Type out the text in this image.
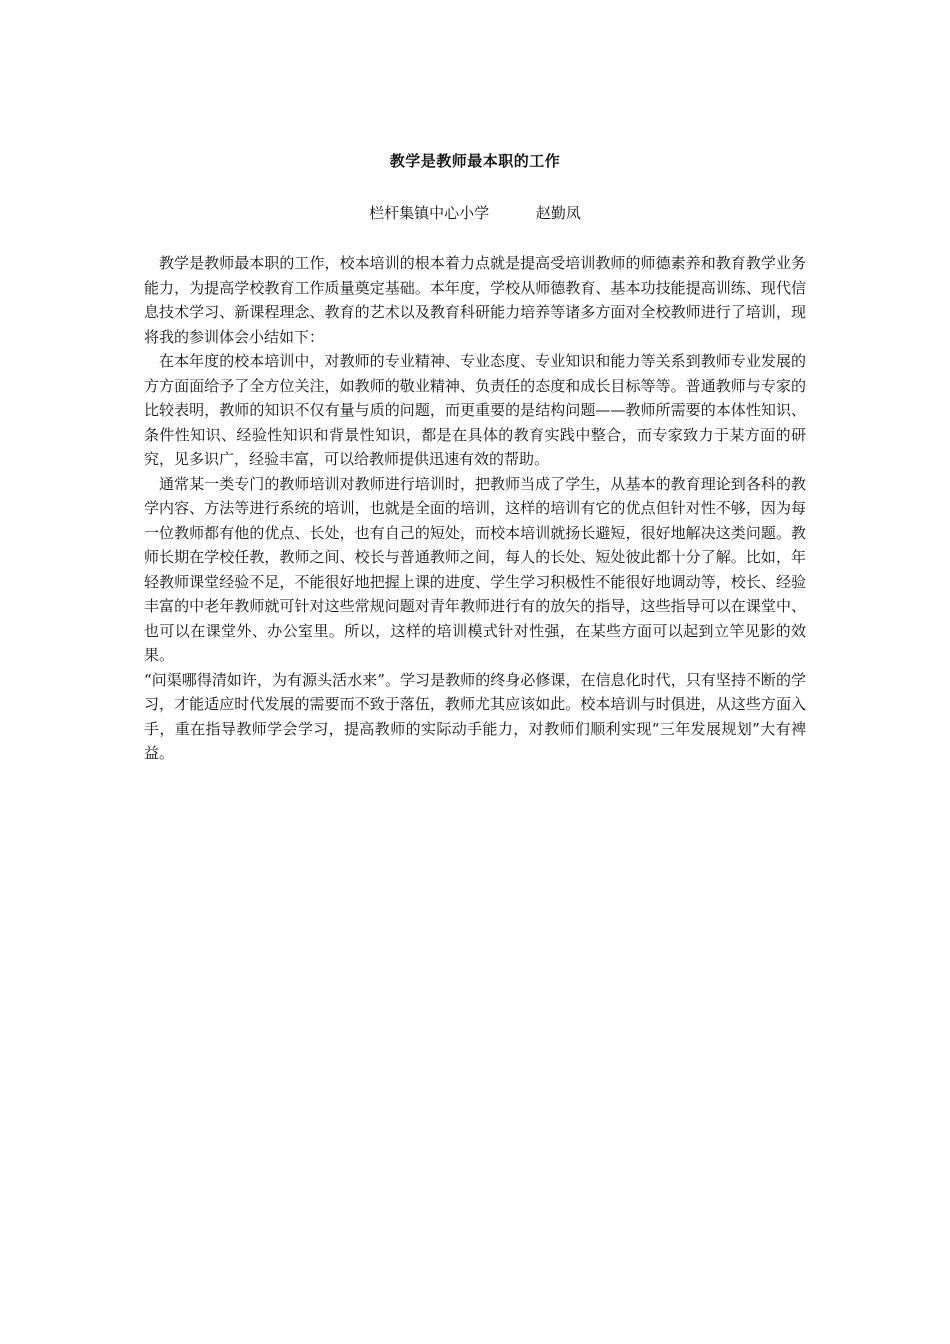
教学是教师最本职的工作
栏杆集镇中心小学	赵勤凤

教学是教师最本职的工作，校本培训的根本着力点就是提高受培训教师的师德素养和教育教学业务能力，为提高学校教育工作质量奠定基础。本年度，学校从师德教育、基本功技能提高训练、现代信息技术学习、新课程理念、教育的艺术以及教育科研能力培养等诸多方面对全校教师进行了培训，现将我的参训体会小结如下：

在本年度的校本培训中，对教师的专业精神、专业态度、专业知识和能力等关系到教师专业发展的方方面面给予了全方位关注，如教师的敬业精神、负责任的态度和成长目标等等。普通教师与专家的比较表明，教师的知识不仅有量与质的问题，而更重要的是结构问题——教师所需要的本体性知识、条件性知识、经验性知识和背景性知识，都是在具体的教育实践中整合，而专家致力于某方面的研究，见多识广，经验丰富，可以给教师提供迅速有效的帮助。

通常某一类专门的教师培训对教师进行培训时，把教师当成了学生，从基本的教育理论到各科的教学内容、方法等进行系统的培训，也就是全面的培训，这样的培训有它的优点但针对性不够，因为每一位教师都有他的优点、长处，也有自己的短处，而校本培训就扬长避短，很好地解决这类问题。教师长期在学校任教，教师之间、校长与普通教师之间，每人的长处、短处彼此都十分了解。比如，年轻教师课堂经验不足，不能很好地把握上课的进度、学生学习积极性不能很好地调动等，校长、经验丰富的中老年教师就可针对这些常规问题对青年教师进行有的放矢的指导，这些指导可以在课堂中、也可以在课堂外、办公室里。所以，这样的培训模式针对性强，在某些方面可以起到立竿见影的效果。

“问渠哪得清如许，为有源头活水来”。学习是教师的终身必修课，在信息化时代，只有坚持不断的学习，才能适应时代发展的需要而不致于落伍，教师尤其应该如此。校本培训与时俱进，从这些方面入手，重在指导教师学会学习，提高教师的实际动手能力，对教师们顺利实现“三年发展规划”大有裨益。
